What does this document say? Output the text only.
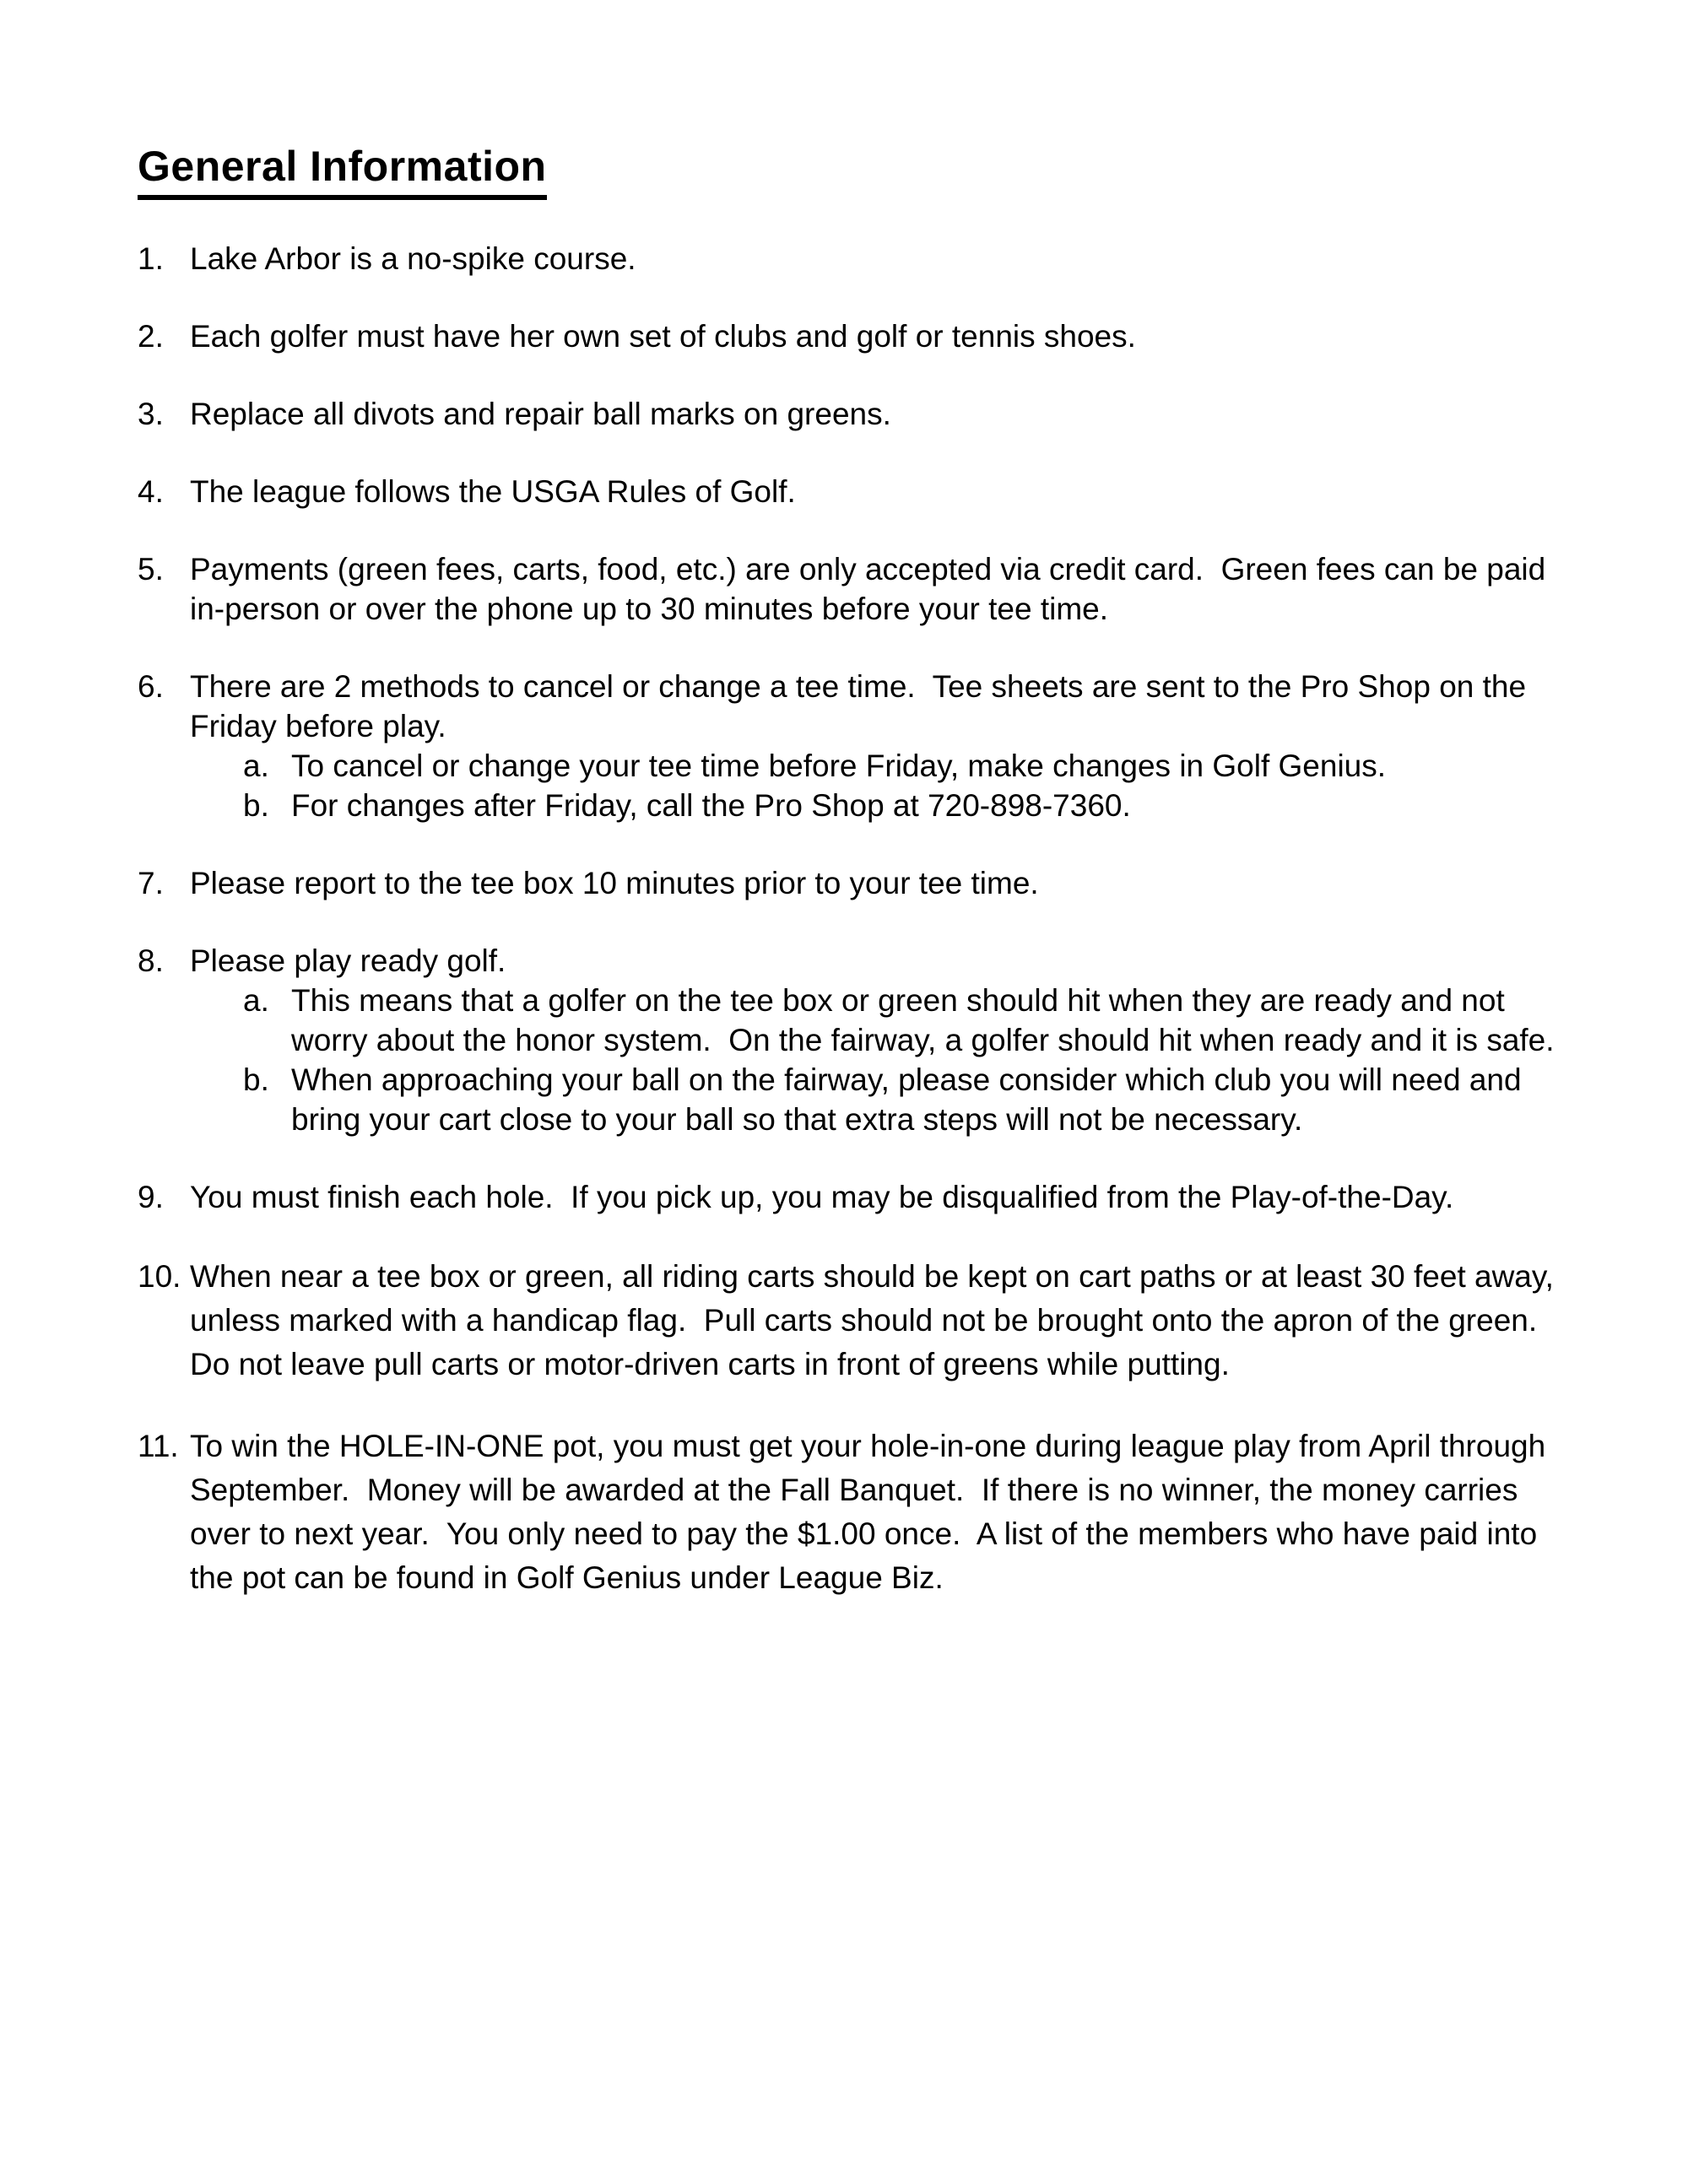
General Information
1. Lake Arbor is a no-spike course.
2. Each golfer must have her own set of clubs and golf or tennis shoes.
3. Replace all divots and repair ball marks on greens.
4. The league follows the USGA Rules of Golf.
5. Payments (green fees, carts, food, etc.) are only accepted via credit card.  Green fees can be paid in-person or over the phone up to 30 minutes before your tee time.
6. There are 2 methods to cancel or change a tee time.  Tee sheets are sent to the Pro Shop on the Friday before play.
a. To cancel or change your tee time before Friday, make changes in Golf Genius.
b. For changes after Friday, call the Pro Shop at 720-898-7360.
7. Please report to the tee box 10 minutes prior to your tee time.
8. Please play ready golf.
a. This means that a golfer on the tee box or green should hit when they are ready and not worry about the honor system.  On the fairway, a golfer should hit when ready and it is safe.
b. When approaching your ball on the fairway, please consider which club you will need and bring your cart close to your ball so that extra steps will not be necessary.
9. You must finish each hole.  If you pick up, you may be disqualified from the Play-of-the-Day.
10. When near a tee box or green, all riding carts should be kept on cart paths or at least 30 feet away, unless marked with a handicap flag.  Pull carts should not be brought onto the apron of the green.  Do not leave pull carts or motor-driven carts in front of greens while putting.
11. To win the HOLE-IN-ONE pot, you must get your hole-in-one during league play from April through September.  Money will be awarded at the Fall Banquet.  If there is no winner, the money carries over to next year.  You only need to pay the $1.00 once.  A list of the members who have paid into the pot can be found in Golf Genius under League Biz.
